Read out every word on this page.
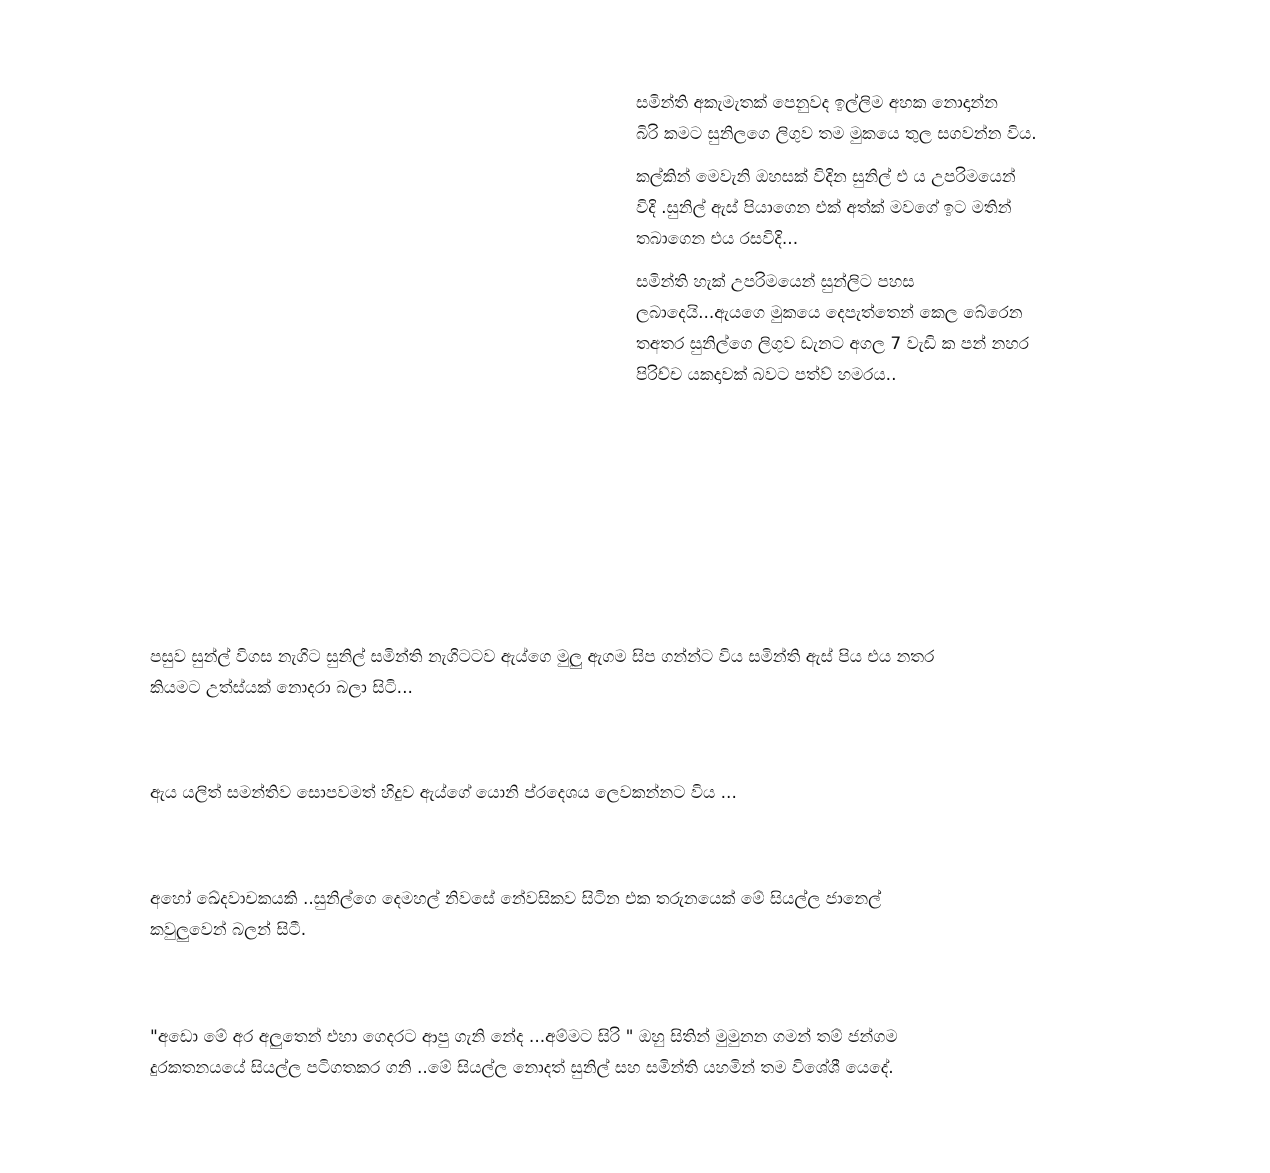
සමින්ති අකැමැතක් පෙනුවද ඉල්ලිම අහක නොදාන්න
බිරි කමට සුනිලගෙ ලිගුව තම මුකයෙ තුල සගවන්න විය.

කල්කින් මෙවැනි ඔහසක් විදින සුනිල් එ ය උපරිමයෙන්
විදි .සුනිල් ඇස් පියාගෙන එක් අත්ක් මවගේ ඉට මතින්
තබාගෙන එය රසවිදි...

සමින්ති හැක් උපරිමයෙන් සුන්ලිට පහස
ලබාදෙයි...ඇයගෙ මුකයෙ දෙපැත්තෙන් කෙල බේරෙන
තඅතර සුනිල්ගෙ ලිගුව ඩැනට අගල 7 වැඩි ක පන් නහර
පිරිච්ච යකදාවක් බවට පත්ව් හමරය..

පසුව සුන්ල් විගස නැගිට සුනිල් සමින්ති නැගිටටව ඇය්ගෙ මුලු ඇගම සිප ගන්න්ට විය සමින්ති ඇස් පිය එය නතර
කියමට උත්ස්යක් නොදරා බලා සිටි...

ඇය යලිත් සමන්තිව සොපවමත් හිදුව ඇය්ගේ යොනි ප්රදෙශය ලෙවකන්නට විය ...

අහෝ ඛේදවාචකයකි ..සුනිල්ගෙ දෙමහල් නිවසේ නේවසිකව සිටින එක තරුනයෙක් මේ සියල්ල ජානෙල්
කවුලුවෙන් බලන් සිටී.

"අඩො මේ අර අලුතෙන් එහා ගෙදරට ආපු ගැනි නේද ...අම්මට සිරි " ඔහු සිතින් මුමුනන ගමන් තම් ජන්ගම
දුරකතනයයේ සියල්ල පටිගතකර ගනි ..මේ සියල්ල නොදත් සුනිල් සහ සමින්ති යහමින් තම විශේශී යෙදේ.
